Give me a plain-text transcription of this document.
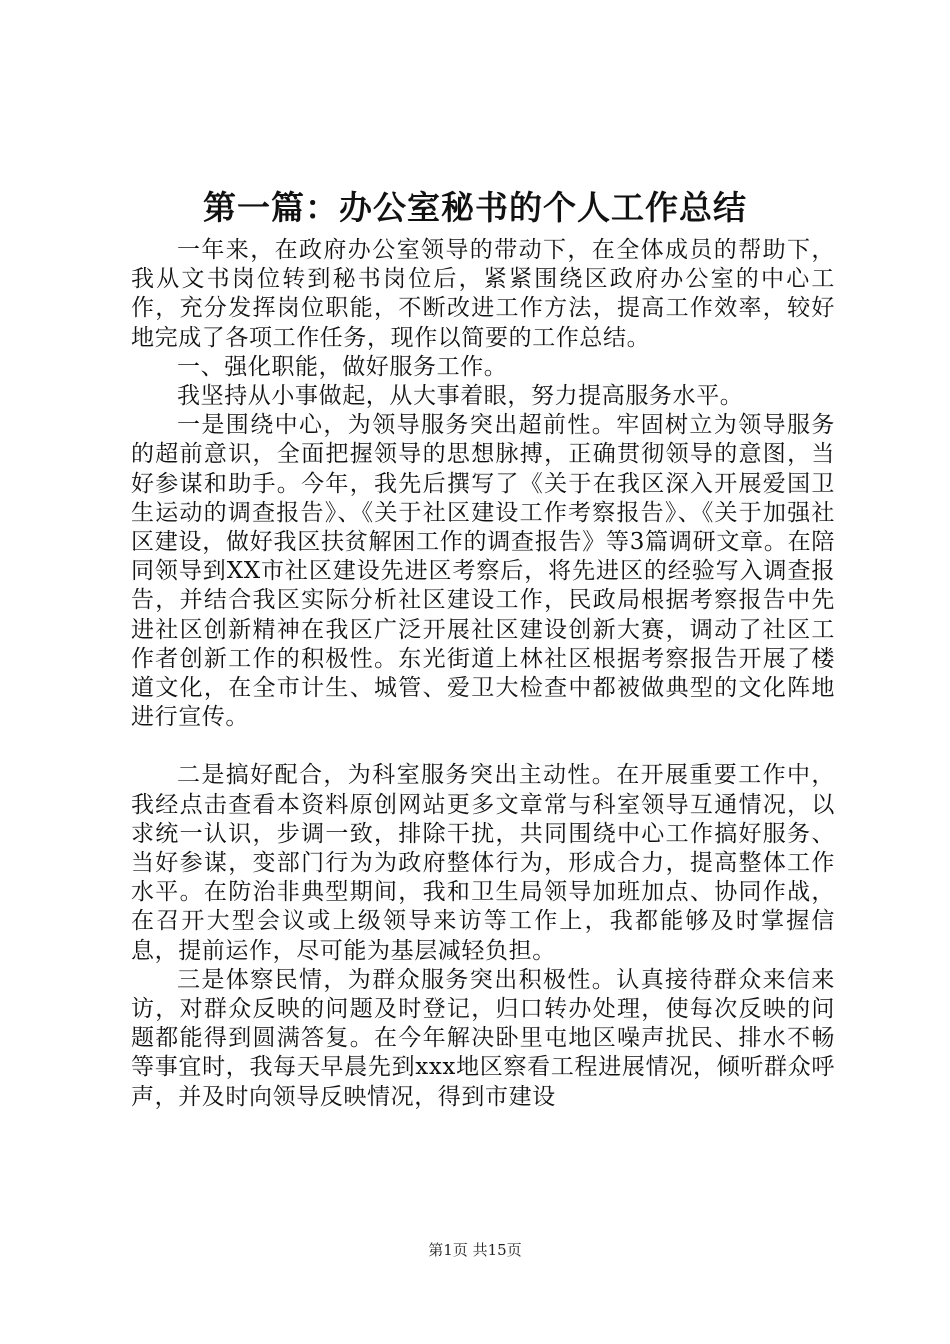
第一篇：办公室秘书的个人工作总结

一年来，在政府办公室领导的带动下，在全体成员的帮助下，我从文书岗位转到秘书岗位后，紧紧围绕区政府办公室的中心工作，充分发挥岗位职能，不断改进工作方法，提高工作效率，较好地完成了各项工作任务，现作以简要的工作总结。

一、强化职能，做好服务工作。

我坚持从小事做起，从大事着眼，努力提高服务水平。

一是围绕中心，为领导服务突出超前性。牢固树立为领导服务的超前意识，全面把握领导的思想脉搏，正确贯彻领导的意图，当好参谋和助手。今年，我先后撰写了《关于在我区深入开展爱国卫生运动的调查报告》、《关于社区建设工作考察报告》、《关于加强社区建设，做好我区扶贫解困工作的调查报告》等3篇调研文章。在陪同领导到XX市社区建设先进区考察后，将先进区的经验写入调查报告，并结合我区实际分析社区建设工作，民政局根据考察报告中先进社区创新精神在我区广泛开展社区建设创新大赛，调动了社区工作者创新工作的积极性。东光街道上林社区根据考察报告开展了楼道文化，在全市计生、城管、爱卫大检查中都被做典型的文化阵地进行宣传。

二是搞好配合，为科室服务突出主动性。在开展重要工作中，我经点击查看本资料原创网站更多文章常与科室领导互通情况，以求统一认识，步调一致，排除干扰，共同围绕中心工作搞好服务、当好参谋，变部门行为为政府整体行为，形成合力，提高整体工作水平。在防治非典型期间，我和卫生局领导加班加点、协同作战，在召开大型会议或上级领导来访等工作上，我都能够及时掌握信息，提前运作，尽可能为基层减轻负担。

三是体察民情，为群众服务突出积极性。认真接待群众来信来访，对群众反映的问题及时登记，归口转办处理，使每次反映的问题都能得到圆满答复。在今年解决卧里屯地区噪声扰民、排水不畅等事宜时，我每天早晨先到xxx地区察看工程进展情况，倾听群众呼声，并及时向领导反映情况，得到市建设

第1页 共15页
